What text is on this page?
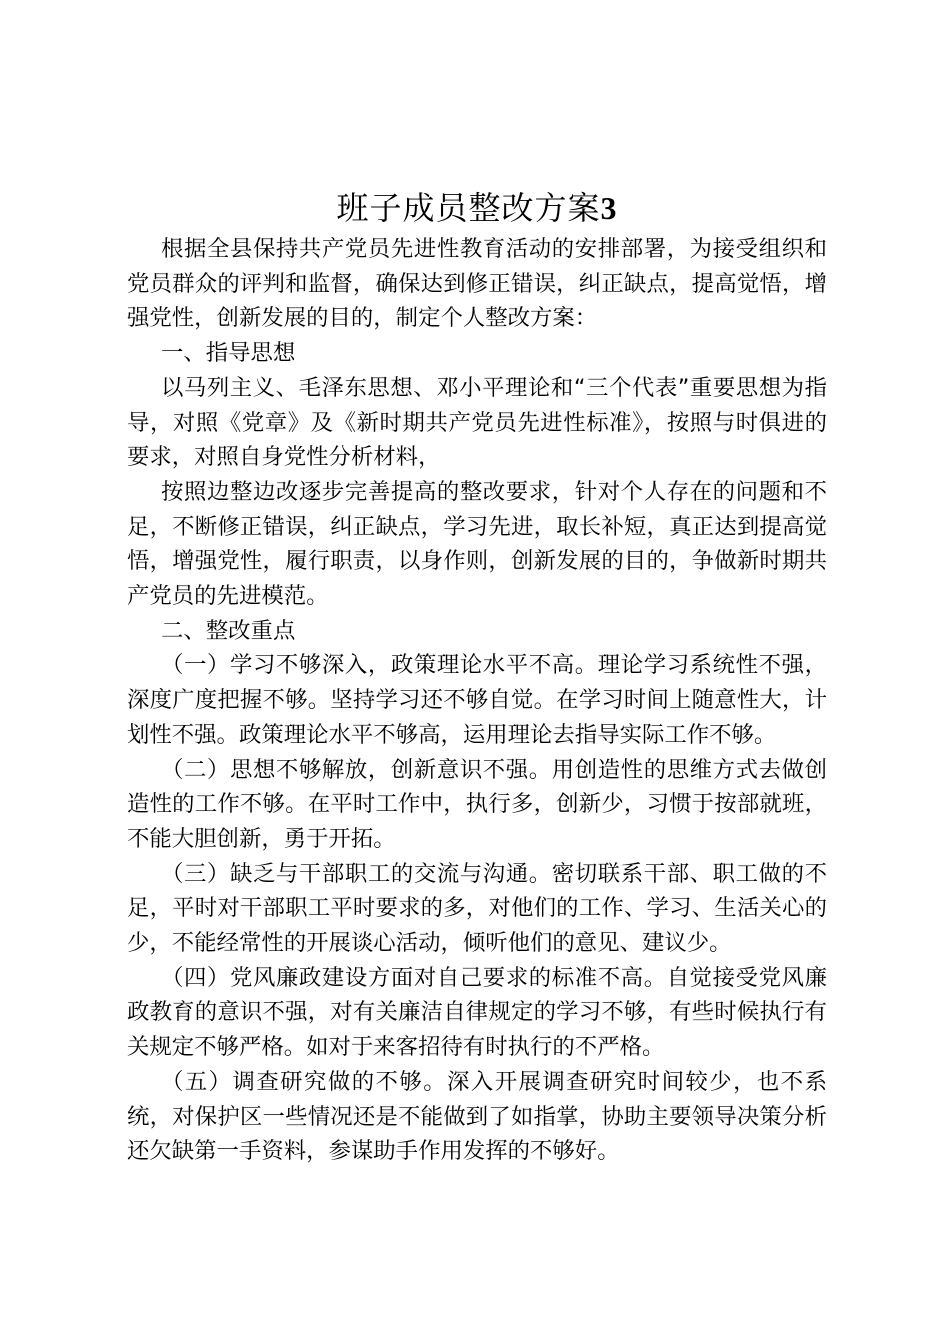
班子成员整改方案3

根据全县保持共产党员先进性教育活动的安排部署，为接受组织和党员群众的评判和监督，确保达到修正错误，纠正缺点，提高觉悟，增强党性，创新发展的目的，制定个人整改方案：

一、指导思想

以马列主义、毛泽东思想、邓小平理论和“三个代表”重要思想为指导，对照《党章》及《新时期共产党员先进性标准》，按照与时俱进的要求，对照自身党性分析材料，

按照边整边改逐步完善提高的整改要求，针对个人存在的问题和不足，不断修正错误，纠正缺点，学习先进，取长补短，真正达到提高觉悟，增强党性，履行职责，以身作则，创新发展的目的，争做新时期共产党员的先进模范。

二、整改重点

（一）学习不够深入，政策理论水平不高。理论学习系统性不强，深度广度把握不够。坚持学习还不够自觉。在学习时间上随意性大，计划性不强。政策理论水平不够高，运用理论去指导实际工作不够。

（二）思想不够解放，创新意识不强。用创造性的思维方式去做创造性的工作不够。在平时工作中，执行多，创新少，习惯于按部就班，不能大胆创新，勇于开拓。

（三）缺乏与干部职工的交流与沟通。密切联系干部、职工做的不足，平时对干部职工平时要求的多，对他们的工作、学习、生活关心的少，不能经常性的开展谈心活动，倾听他们的意见、建议少。

（四）党风廉政建设方面对自己要求的标准不高。自觉接受党风廉政教育的意识不强，对有关廉洁自律规定的学习不够，有些时候执行有关规定不够严格。如对于来客招待有时执行的不严格。

（五）调查研究做的不够。深入开展调查研究时间较少，也不系统，对保护区一些情况还是不能做到了如指掌，协助主要领导决策分析还欠缺第一手资料，参谋助手作用发挥的不够好。
